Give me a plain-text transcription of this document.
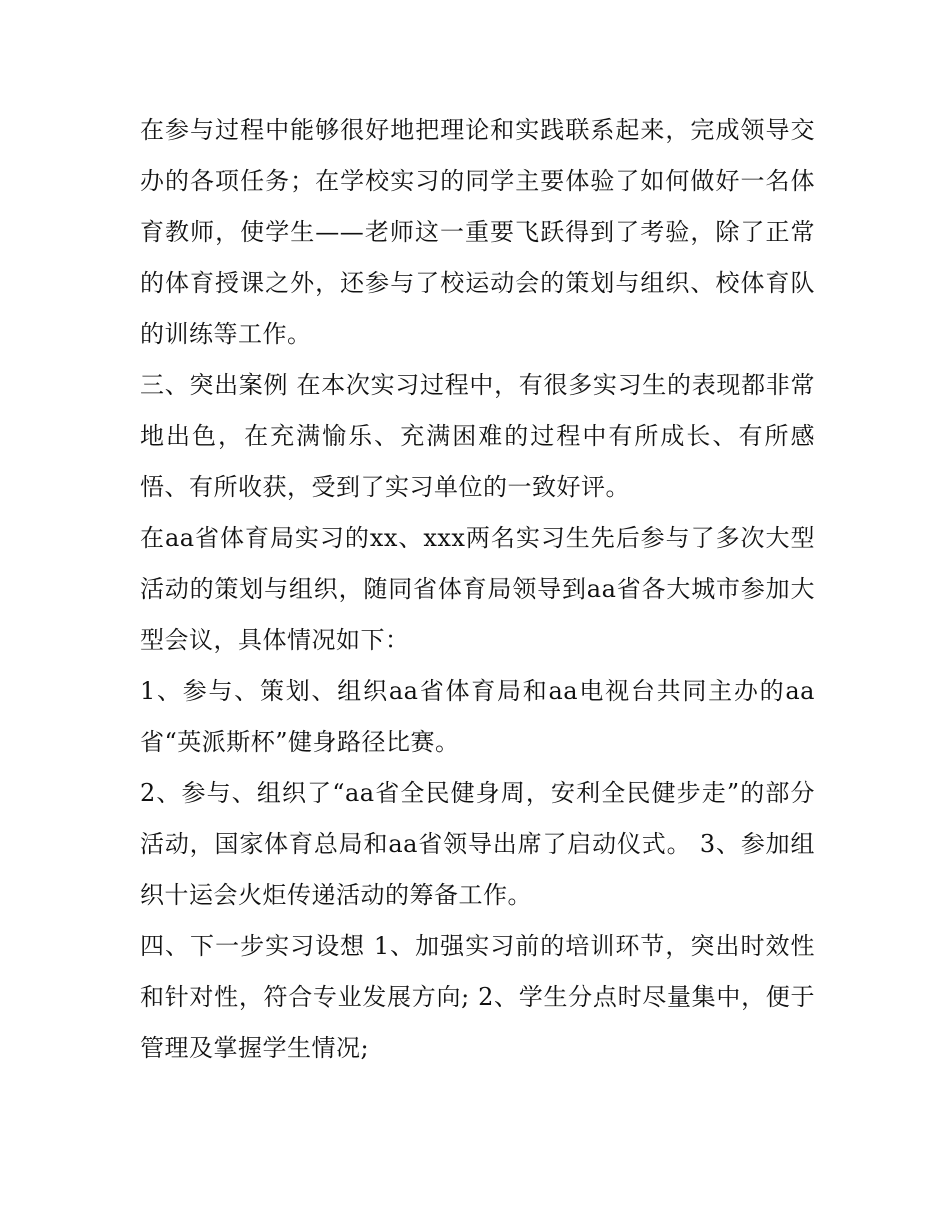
在参与过程中能够很好地把理论和实践联系起来，完成领导交办的各项任务；在学校实习的同学主要体验了如何做好一名体育教师，使学生——老师这一重要飞跃得到了考验，除了正常的体育授课之外，还参与了校运动会的策划与组织、校体育队的训练等工作。

三、突出案例 在本次实习过程中，有很多实习生的表现都非常地出色，在充满愉乐、充满困难的过程中有所成长、有所感悟、有所收获，受到了实习单位的一致好评。

在aa省体育局实习的xx、xxx两名实习生先后参与了多次大型活动的策划与组织，随同省体育局领导到aa省各大城市参加大型会议，具体情况如下：

1、参与、策划、组织aa省体育局和aa电视台共同主办的aa省“英派斯杯”健身路径比赛。

2、参与、组织了“aa省全民健身周，安利全民健步走”的部分活动，国家体育总局和aa省领导出席了启动仪式。 3、参加组织十运会火炬传递活动的筹备工作。

四、下一步实习设想 1、加强实习前的培训环节，突出时效性和针对性，符合专业发展方向; 2、学生分点时尽量集中，便于管理及掌握学生情况;
